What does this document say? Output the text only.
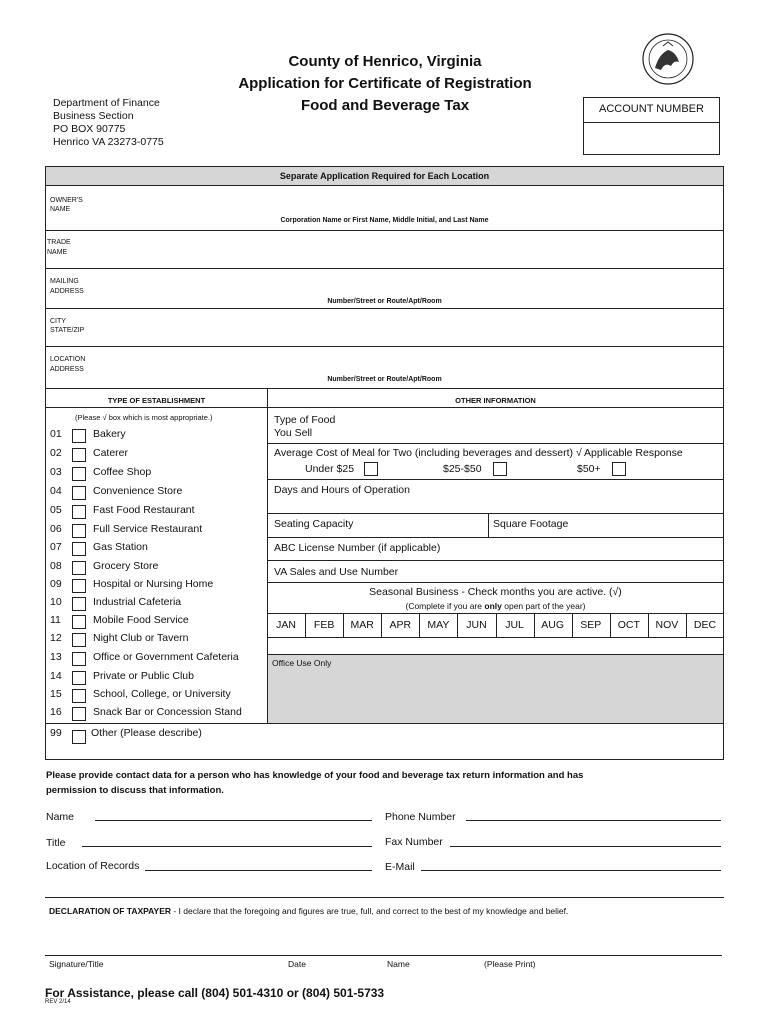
County of Henrico, Virginia
Application for Certificate of Registration
Food and Beverage Tax
Department of Finance
Business Section
PO BOX 90775
Henrico VA 23273-0775
ACCOUNT NUMBER
Separate Application Required for Each Location
OWNER'S
NAME
Corporation Name or First Name, Middle Initial, and Last Name
TRADE
NAME
MAILING
ADDRESS
Number/Street or Route/Apt/Room
CITY
STATE/ZIP
LOCATION
ADDRESS
Number/Street or Route/Apt/Room
TYPE OF ESTABLISHMENT	OTHER INFORMATION
(Please √ box which is most appropriate.)
01	Bakery
02	Caterer
03	Coffee Shop
04	Convenience Store
05	Fast Food Restaurant
06	Full Service Restaurant
07	Gas Station
08	Grocery Store
09	Hospital or Nursing Home
10	Industrial Cafeteria
11	Mobile Food Service
12	Night Club or Tavern
13	Office or Government Cafeteria
14	Private or Public Club
15	School, College, or University
16	Snack Bar or Concession Stand
99	Other (Please describe)
Type of Food
You Sell
Average Cost of Meal for Two (including beverages and dessert) √ Applicable Response
Under $25	$25-$50	$50+
Days and Hours of Operation
Seating Capacity	Square Footage
ABC License Number (if applicable)
VA Sales and Use Number
Seasonal Business - Check months you are active. (√)
(Complete if you are only open part of the year)
JAN	FEB	MAR	APR	MAY	JUN	JUL	AUG	SEP	OCT	NOV	DEC
Office Use Only
Please provide contact data for a person who has knowledge of your food and beverage tax return information and has
permission to discuss that information.
Name	Phone Number
Title	Fax Number
Location of Records	E-Mail
DECLARATION OF TAXPAYER - I declare that the foregoing and figures are true, full, and correct to the best of my knowledge and belief.
Signature/Title	Date	Name	(Please Print)
For Assistance, please call (804) 501-4310 or (804) 501-5733
REV 2/14
